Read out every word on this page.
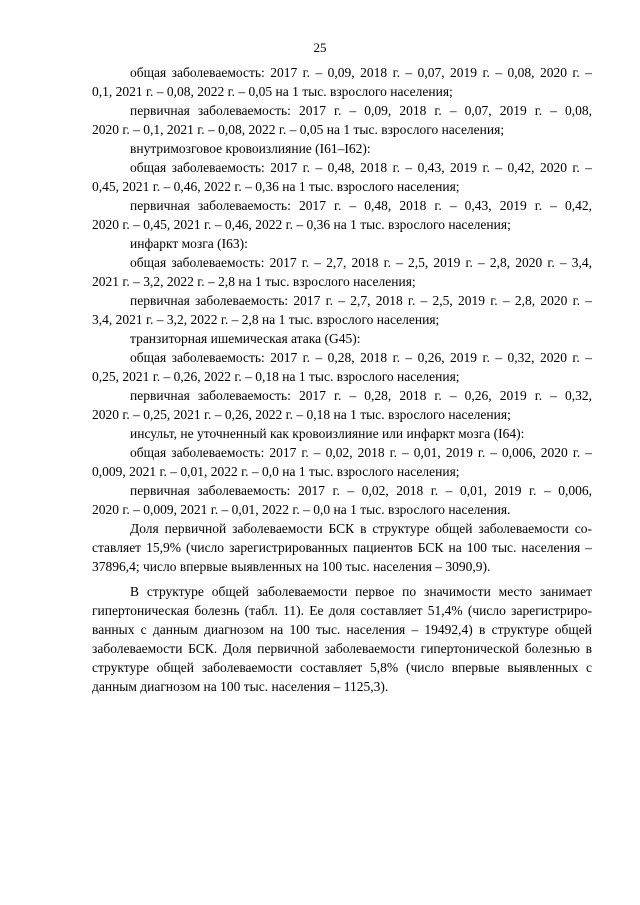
25
общая заболеваемость: 2017 г. – 0,09, 2018 г. – 0,07, 2019 г. – 0,08, 2020 г. –
0,1, 2021 г. – 0,08, 2022 г. – 0,05 на 1 тыс. взрослого населения;
первичная заболеваемость: 2017 г. – 0,09, 2018 г. – 0,07, 2019 г. – 0,08,
2020 г. – 0,1, 2021 г. – 0,08, 2022 г. – 0,05 на 1 тыс. взрослого населения;
внутримозговое кровоизлияние (I61–I62):
общая заболеваемость: 2017 г. – 0,48, 2018 г. – 0,43, 2019 г. – 0,42, 2020 г. –
0,45, 2021 г. – 0,46, 2022 г. – 0,36 на 1 тыс. взрослого населения;
первичная заболеваемость: 2017 г. – 0,48, 2018 г. – 0,43, 2019 г. – 0,42,
2020 г. – 0,45, 2021 г. – 0,46, 2022 г. – 0,36 на 1 тыс. взрослого населения;
инфаркт мозга (I63):
общая заболеваемость: 2017 г. – 2,7, 2018 г. – 2,5, 2019 г. – 2,8, 2020 г. – 3,4,
2021 г. – 3,2, 2022 г. – 2,8 на 1 тыс. взрослого населения;
первичная заболеваемость: 2017 г. – 2,7, 2018 г. – 2,5, 2019 г. – 2,8, 2020 г. –
3,4, 2021 г. – 3,2, 2022 г. – 2,8 на 1 тыс. взрослого населения;
транзиторная ишемическая атака (G45):
общая заболеваемость: 2017 г. – 0,28, 2018 г. – 0,26, 2019 г. – 0,32, 2020 г. –
0,25, 2021 г. – 0,26, 2022 г. – 0,18 на 1 тыс. взрослого населения;
первичная заболеваемость: 2017 г. – 0,28, 2018 г. – 0,26, 2019 г. – 0,32,
2020 г. – 0,25, 2021 г. – 0,26, 2022 г. – 0,18 на 1 тыс. взрослого населения;
инсульт, не уточненный как кровоизлияние или инфаркт мозга (I64):
общая заболеваемость: 2017 г. – 0,02, 2018 г. – 0,01, 2019 г. – 0,006, 2020 г. –
0,009, 2021 г. – 0,01, 2022 г. – 0,0 на 1 тыс. взрослого населения;
первичная заболеваемость: 2017 г. – 0,02, 2018 г. – 0,01, 2019 г. – 0,006,
2020 г. – 0,009, 2021 г. – 0,01, 2022 г. – 0,0 на 1 тыс. взрослого населения.
Доля первичной заболеваемости БСК в структуре общей заболеваемости со-
ставляет 15,9% (число зарегистрированных пациентов БСК на 100 тыс. населения –
37896,4; число впервые выявленных на 100 тыс. населения – 3090,9).
В структуре общей заболеваемости первое по значимости место занимает
гипертоническая болезнь (табл. 11). Ее доля составляет 51,4% (число зарегистриро-
ванных с данным диагнозом на 100 тыс. населения – 19492,4) в структуре общей
заболеваемости БСК. Доля первичной заболеваемости гипертонической болезнью в
структуре общей заболеваемости составляет 5,8% (число впервые выявленных с
данным диагнозом на 100 тыс. населения – 1125,3).
